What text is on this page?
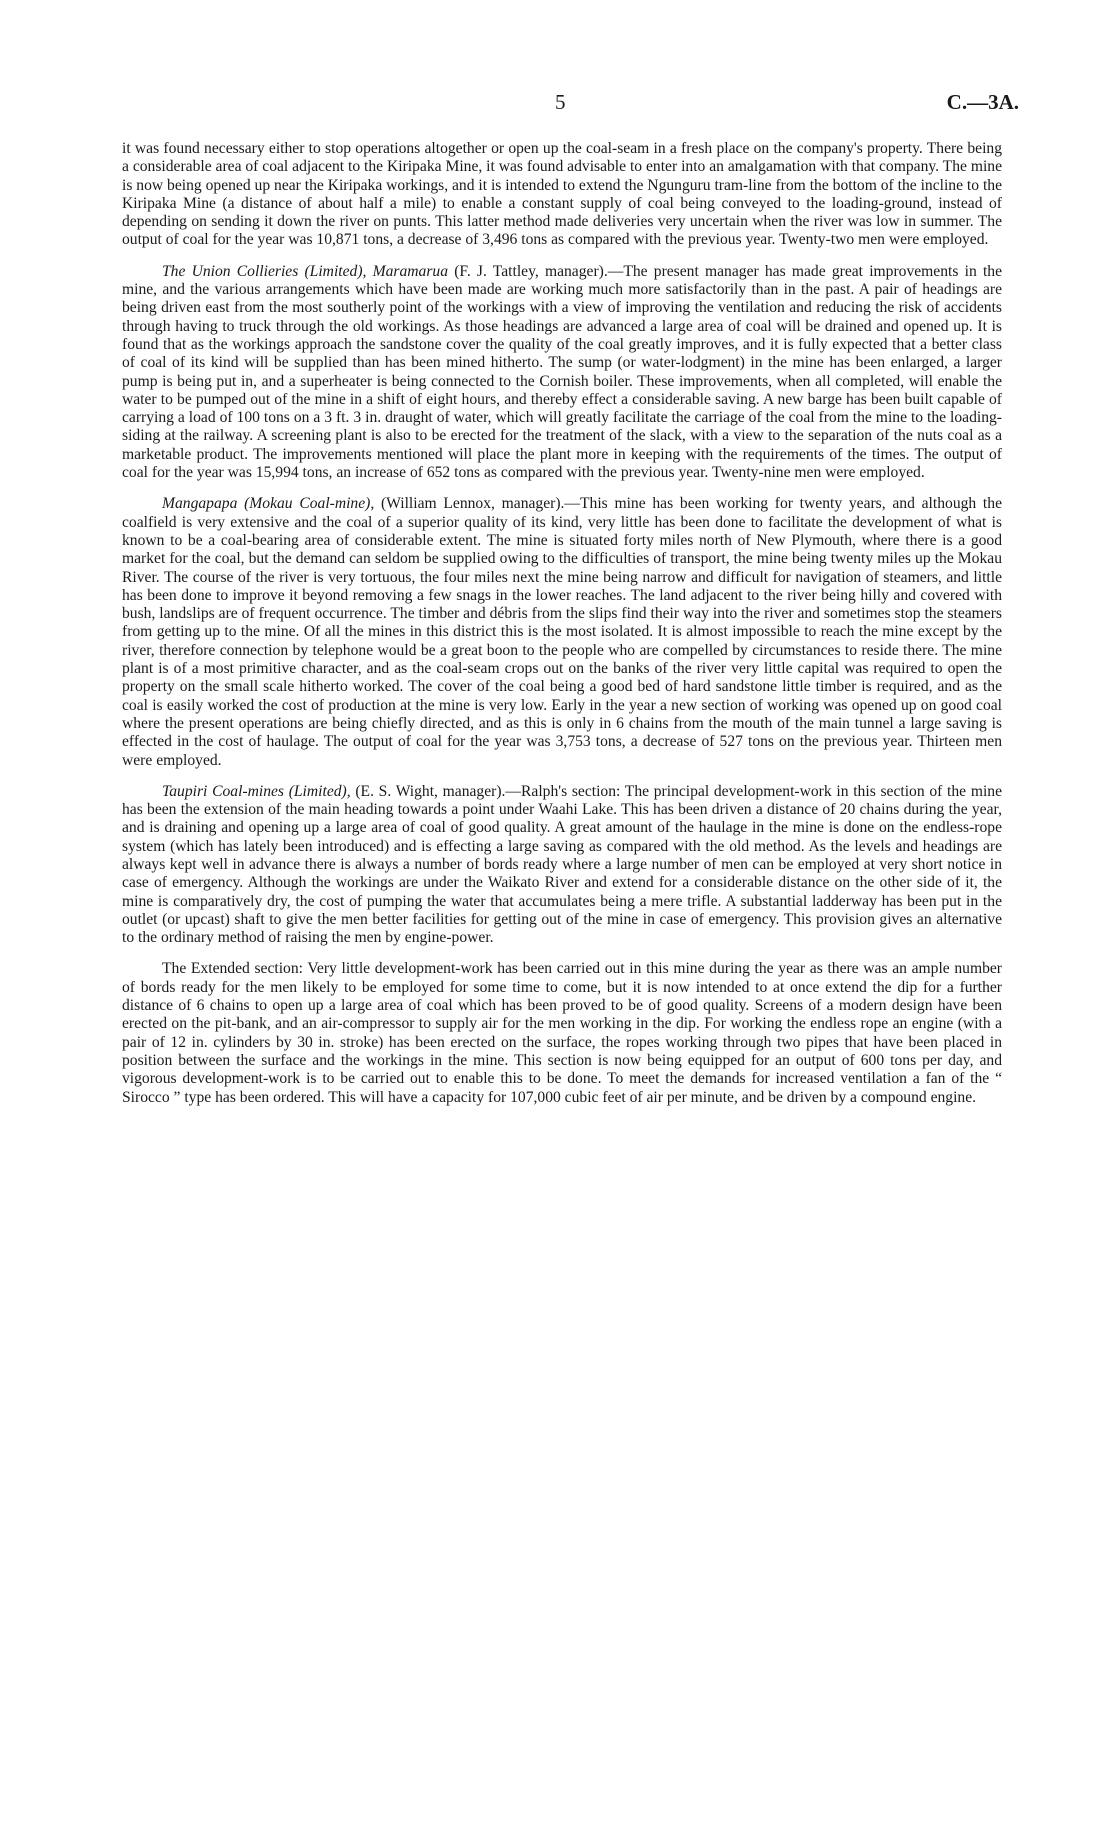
5	C.—3A.

it was found necessary either to stop operations altogether or open up the coal-seam in a fresh place on the company's property. There being a considerable area of coal adjacent to the Kiripaka Mine, it was found advisable to enter into an amalgamation with that company. The mine is now being opened up near the Kiripaka workings, and it is intended to extend the Ngunguru tram-line from the bottom of the incline to the Kiripaka Mine (a distance of about half a mile) to enable a constant supply of coal being conveyed to the loading-ground, instead of depending on sending it down the river on punts. This latter method made deliveries very uncertain when the river was low in summer. The output of coal for the year was 10,871 tons, a decrease of 3,496 tons as compared with the previous year. Twenty-two men were employed.

The Union Collieries (Limited), Maramarua (F. J. Tattley, manager).—The present manager has made great improvements in the mine, and the various arrangements which have been made are working much more satisfactorily than in the past. A pair of headings are being driven east from the most southerly point of the workings with a view of improving the ventilation and reducing the risk of accidents through having to truck through the old workings. As those headings are advanced a large area of coal will be drained and opened up. It is found that as the workings approach the sandstone cover the quality of the coal greatly improves, and it is fully expected that a better class of coal of its kind will be supplied than has been mined hitherto. The sump (or water-lodgment) in the mine has been enlarged, a larger pump is being put in, and a superheater is being connected to the Cornish boiler. These improvements, when all completed, will enable the water to be pumped out of the mine in a shift of eight hours, and thereby effect a considerable saving. A new barge has been built capable of carrying a load of 100 tons on a 3 ft. 3 in. draught of water, which will greatly facilitate the carriage of the coal from the mine to the loading-siding at the railway. A screening plant is also to be erected for the treatment of the slack, with a view to the separation of the nuts coal as a marketable product. The improvements mentioned will place the plant more in keeping with the requirements of the times. The output of coal for the year was 15,994 tons, an increase of 652 tons as compared with the previous year. Twenty-nine men were employed.

Mangapapa (Mokau Coal-mine), (William Lennox, manager).—This mine has been working for twenty years, and although the coalfield is very extensive and the coal of a superior quality of its kind, very little has been done to facilitate the development of what is known to be a coal-bearing area of considerable extent. The mine is situated forty miles north of New Plymouth, where there is a good market for the coal, but the demand can seldom be supplied owing to the difficulties of transport, the mine being twenty miles up the Mokau River. The course of the river is very tortuous, the four miles next the mine being narrow and difficult for navigation of steamers, and little has been done to improve it beyond removing a few snags in the lower reaches. The land adjacent to the river being hilly and covered with bush, landslips are of frequent occurrence. The timber and débris from the slips find their way into the river and sometimes stop the steamers from getting up to the mine. Of all the mines in this district this is the most isolated. It is almost impossible to reach the mine except by the river, therefore connection by telephone would be a great boon to the people who are compelled by circumstances to reside there. The mine plant is of a most primitive character, and as the coal-seam crops out on the banks of the river very little capital was required to open the property on the small scale hitherto worked. The cover of the coal being a good bed of hard sandstone little timber is required, and as the coal is easily worked the cost of production at the mine is very low. Early in the year a new section of working was opened up on good coal where the present operations are being chiefly directed, and as this is only in 6 chains from the mouth of the main tunnel a large saving is effected in the cost of haulage. The output of coal for the year was 3,753 tons, a decrease of 527 tons on the previous year. Thirteen men were employed.

Taupiri Coal-mines (Limited), (E. S. Wight, manager).—Ralph's section: The principal development-work in this section of the mine has been the extension of the main heading towards a point under Waahi Lake. This has been driven a distance of 20 chains during the year, and is draining and opening up a large area of coal of good quality. A great amount of the haulage in the mine is done on the endless-rope system (which has lately been introduced) and is effecting a large saving as compared with the old method. As the levels and headings are always kept well in advance there is always a number of bords ready where a large number of men can be employed at very short notice in case of emergency. Although the workings are under the Waikato River and extend for a considerable distance on the other side of it, the mine is comparatively dry, the cost of pumping the water that accumulates being a mere trifle. A substantial ladderway has been put in the outlet (or upcast) shaft to give the men better facilities for getting out of the mine in case of emergency. This provision gives an alternative to the ordinary method of raising the men by engine-power.

The Extended section: Very little development-work has been carried out in this mine during the year as there was an ample number of bords ready for the men likely to be employed for some time to come, but it is now intended to at once extend the dip for a further distance of 6 chains to open up a large area of coal which has been proved to be of good quality. Screens of a modern design have been erected on the pit-bank, and an air-compressor to supply air for the men working in the dip. For working the endless rope an engine (with a pair of 12 in. cylinders by 30 in. stroke) has been erected on the surface, the ropes working through two pipes that have been placed in position between the surface and the workings in the mine. This section is now being equipped for an output of 600 tons per day, and vigorous development-work is to be carried out to enable this to be done. To meet the demands for increased ventilation a fan of the “ Sirocco ” type has been ordered. This will have a capacity for 107,000 cubic feet of air per minute, and be driven by a compound engine.
